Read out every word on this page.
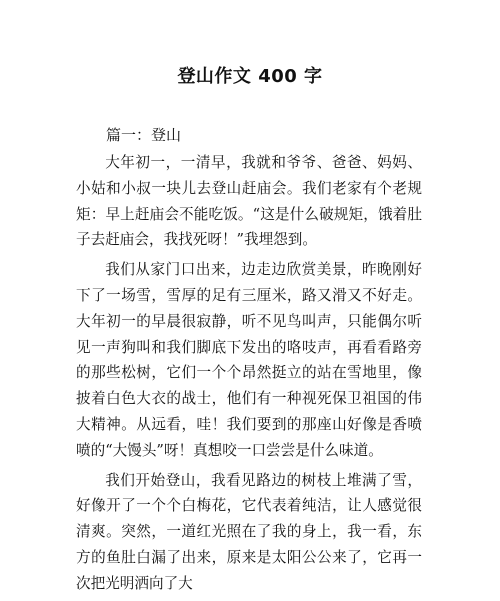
登山作文 400 字
篇一：登山

大年初一，一清早，我就和爷爷、爸爸、妈妈、小姑和小叔一块儿去登山赶庙会。我们老家有个老规矩：早上赶庙会不能吃饭。“这是什么破规矩，饿着肚子去赶庙会，我找死呀！”我埋怨到。

我们从家门口出来，边走边欣赏美景，昨晚刚好下了一场雪，雪厚的足有三厘米，路又滑又不好走。大年初一的早晨很寂静，听不见鸟叫声，只能偶尔听见一声狗叫和我们脚底下发出的咯吱声，再看看路旁的那些松树，它们一个个昂然挺立的站在雪地里，像披着白色大衣的战士，他们有一种视死保卫祖国的伟大精神。从远看，哇！我们要到的那座山好像是香喷喷的“大馒头”呀！真想咬一口尝尝是什么味道。

我们开始登山，我看见路边的树枝上堆满了雪，好像开了一个个白梅花，它代表着纯洁，让人感觉很清爽。突然，一道红光照在了我的身上，我一看，东方的鱼肚白漏了出来，原来是太阳公公来了，它再一次把光明洒向了大
